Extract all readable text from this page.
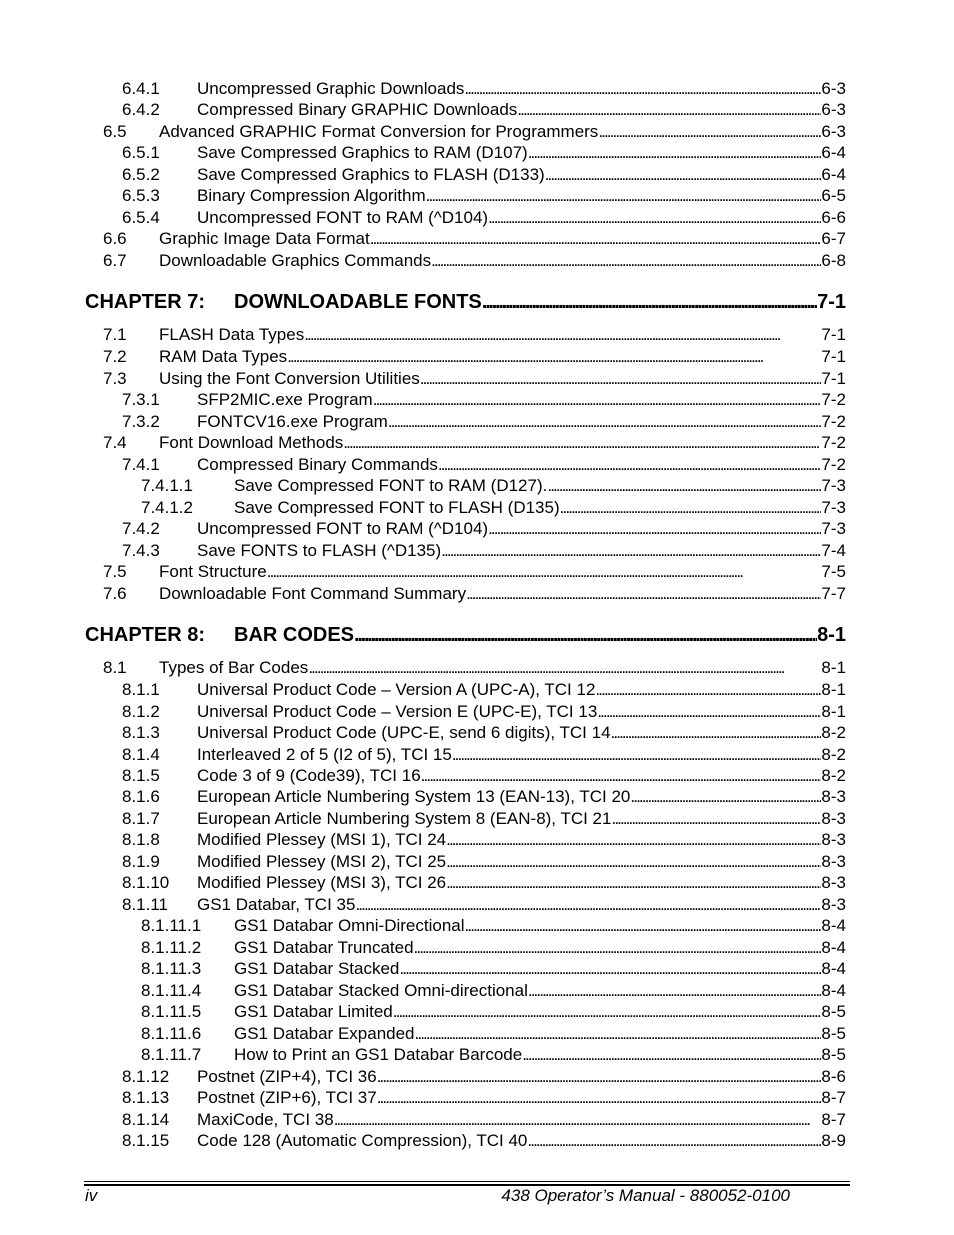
6.4.1 Uncompressed Graphic Downloads . . .	6-3
6.4.2 Compressed Binary GRAPHIC Downloads . . .	6-3
6.5 Advanced GRAPHIC Format Conversion for Programmers . . .	6-3
6.5.1 Save Compressed Graphics to RAM (D107) . . .	6-4
6.5.2 Save Compressed Graphics to FLASH (D133) . . .	6-4
6.5.3 Binary Compression Algorithm . . .	6-5
6.5.4 Uncompressed FONT to RAM (^D104) . . .	6-6
6.6 Graphic Image Data Format . . .	6-7
6.7 Downloadable Graphics Commands . . .	6-8
CHAPTER 7: DOWNLOADABLE FONTS . . .	7-1
7.1 FLASH Data Types . . .	7-1
7.2 RAM Data Types . . .	7-1
7.3 Using the Font Conversion Utilities . . .	7-1
7.3.1 SFP2MIC.exe Program . . .	7-2
7.3.2 FONTCV16.exe Program . . .	7-2
7.4 Font Download Methods . . .	7-2
7.4.1 Compressed Binary Commands . . .	7-2
7.4.1.1 Save Compressed FONT to RAM (D127). . . .	7-3
7.4.1.2 Save Compressed FONT to FLASH (D135) . . .	7-3
7.4.2 Uncompressed FONT to RAM (^D104) . . .	7-3
7.4.3 Save FONTS to FLASH (^D135) . . .	7-4
7.5 Font Structure . . .	7-5
7.6 Downloadable Font Command Summary . . .	7-7
CHAPTER 8: BAR CODES . . .	8-1
8.1 Types of Bar Codes . . .	8-1
8.1.1 Universal Product Code – Version A (UPC-A), TCI 12 . . .	8-1
8.1.2 Universal Product Code – Version E (UPC-E), TCI 13 . . .	8-1
8.1.3 Universal Product Code (UPC-E, send 6 digits), TCI 14 . . .	8-2
8.1.4 Interleaved 2 of 5 (I2 of 5), TCI 15 . . .	8-2
8.1.5 Code 3 of 9 (Code39), TCI 16 . . .	8-2
8.1.6 European Article Numbering System 13 (EAN-13), TCI 20 . . .	8-3
8.1.7 European Article Numbering System 8 (EAN-8), TCI 21 . . .	8-3
8.1.8 Modified Plessey (MSI 1), TCI 24 . . .	8-3
8.1.9 Modified Plessey (MSI 2), TCI 25 . . .	8-3
8.1.10 Modified Plessey (MSI 3), TCI 26 . . .	8-3
8.1.11 GS1 Databar, TCI 35 . . .	8-3
8.1.11.1 GS1 Databar Omni-Directional . . .	8-4
8.1.11.2 GS1 Databar Truncated . . .	8-4
8.1.11.3 GS1 Databar Stacked . . .	8-4
8.1.11.4 GS1 Databar Stacked Omni-directional . . .	8-4
8.1.11.5 GS1 Databar Limited . . .	8-5
8.1.11.6 GS1 Databar Expanded . . .	8-5
8.1.11.7 How to Print an GS1 Databar Barcode . . .	8-5
8.1.12 Postnet (ZIP+4), TCI 36 . . .	8-6
8.1.13 Postnet (ZIP+6), TCI 37 . . .	8-7
8.1.14 MaxiCode, TCI 38 . . .	8-7
8.1.15 Code 128 (Automatic Compression), TCI 40 . . .	8-9
iv	438 Operator’s Manual - 880052-0100
